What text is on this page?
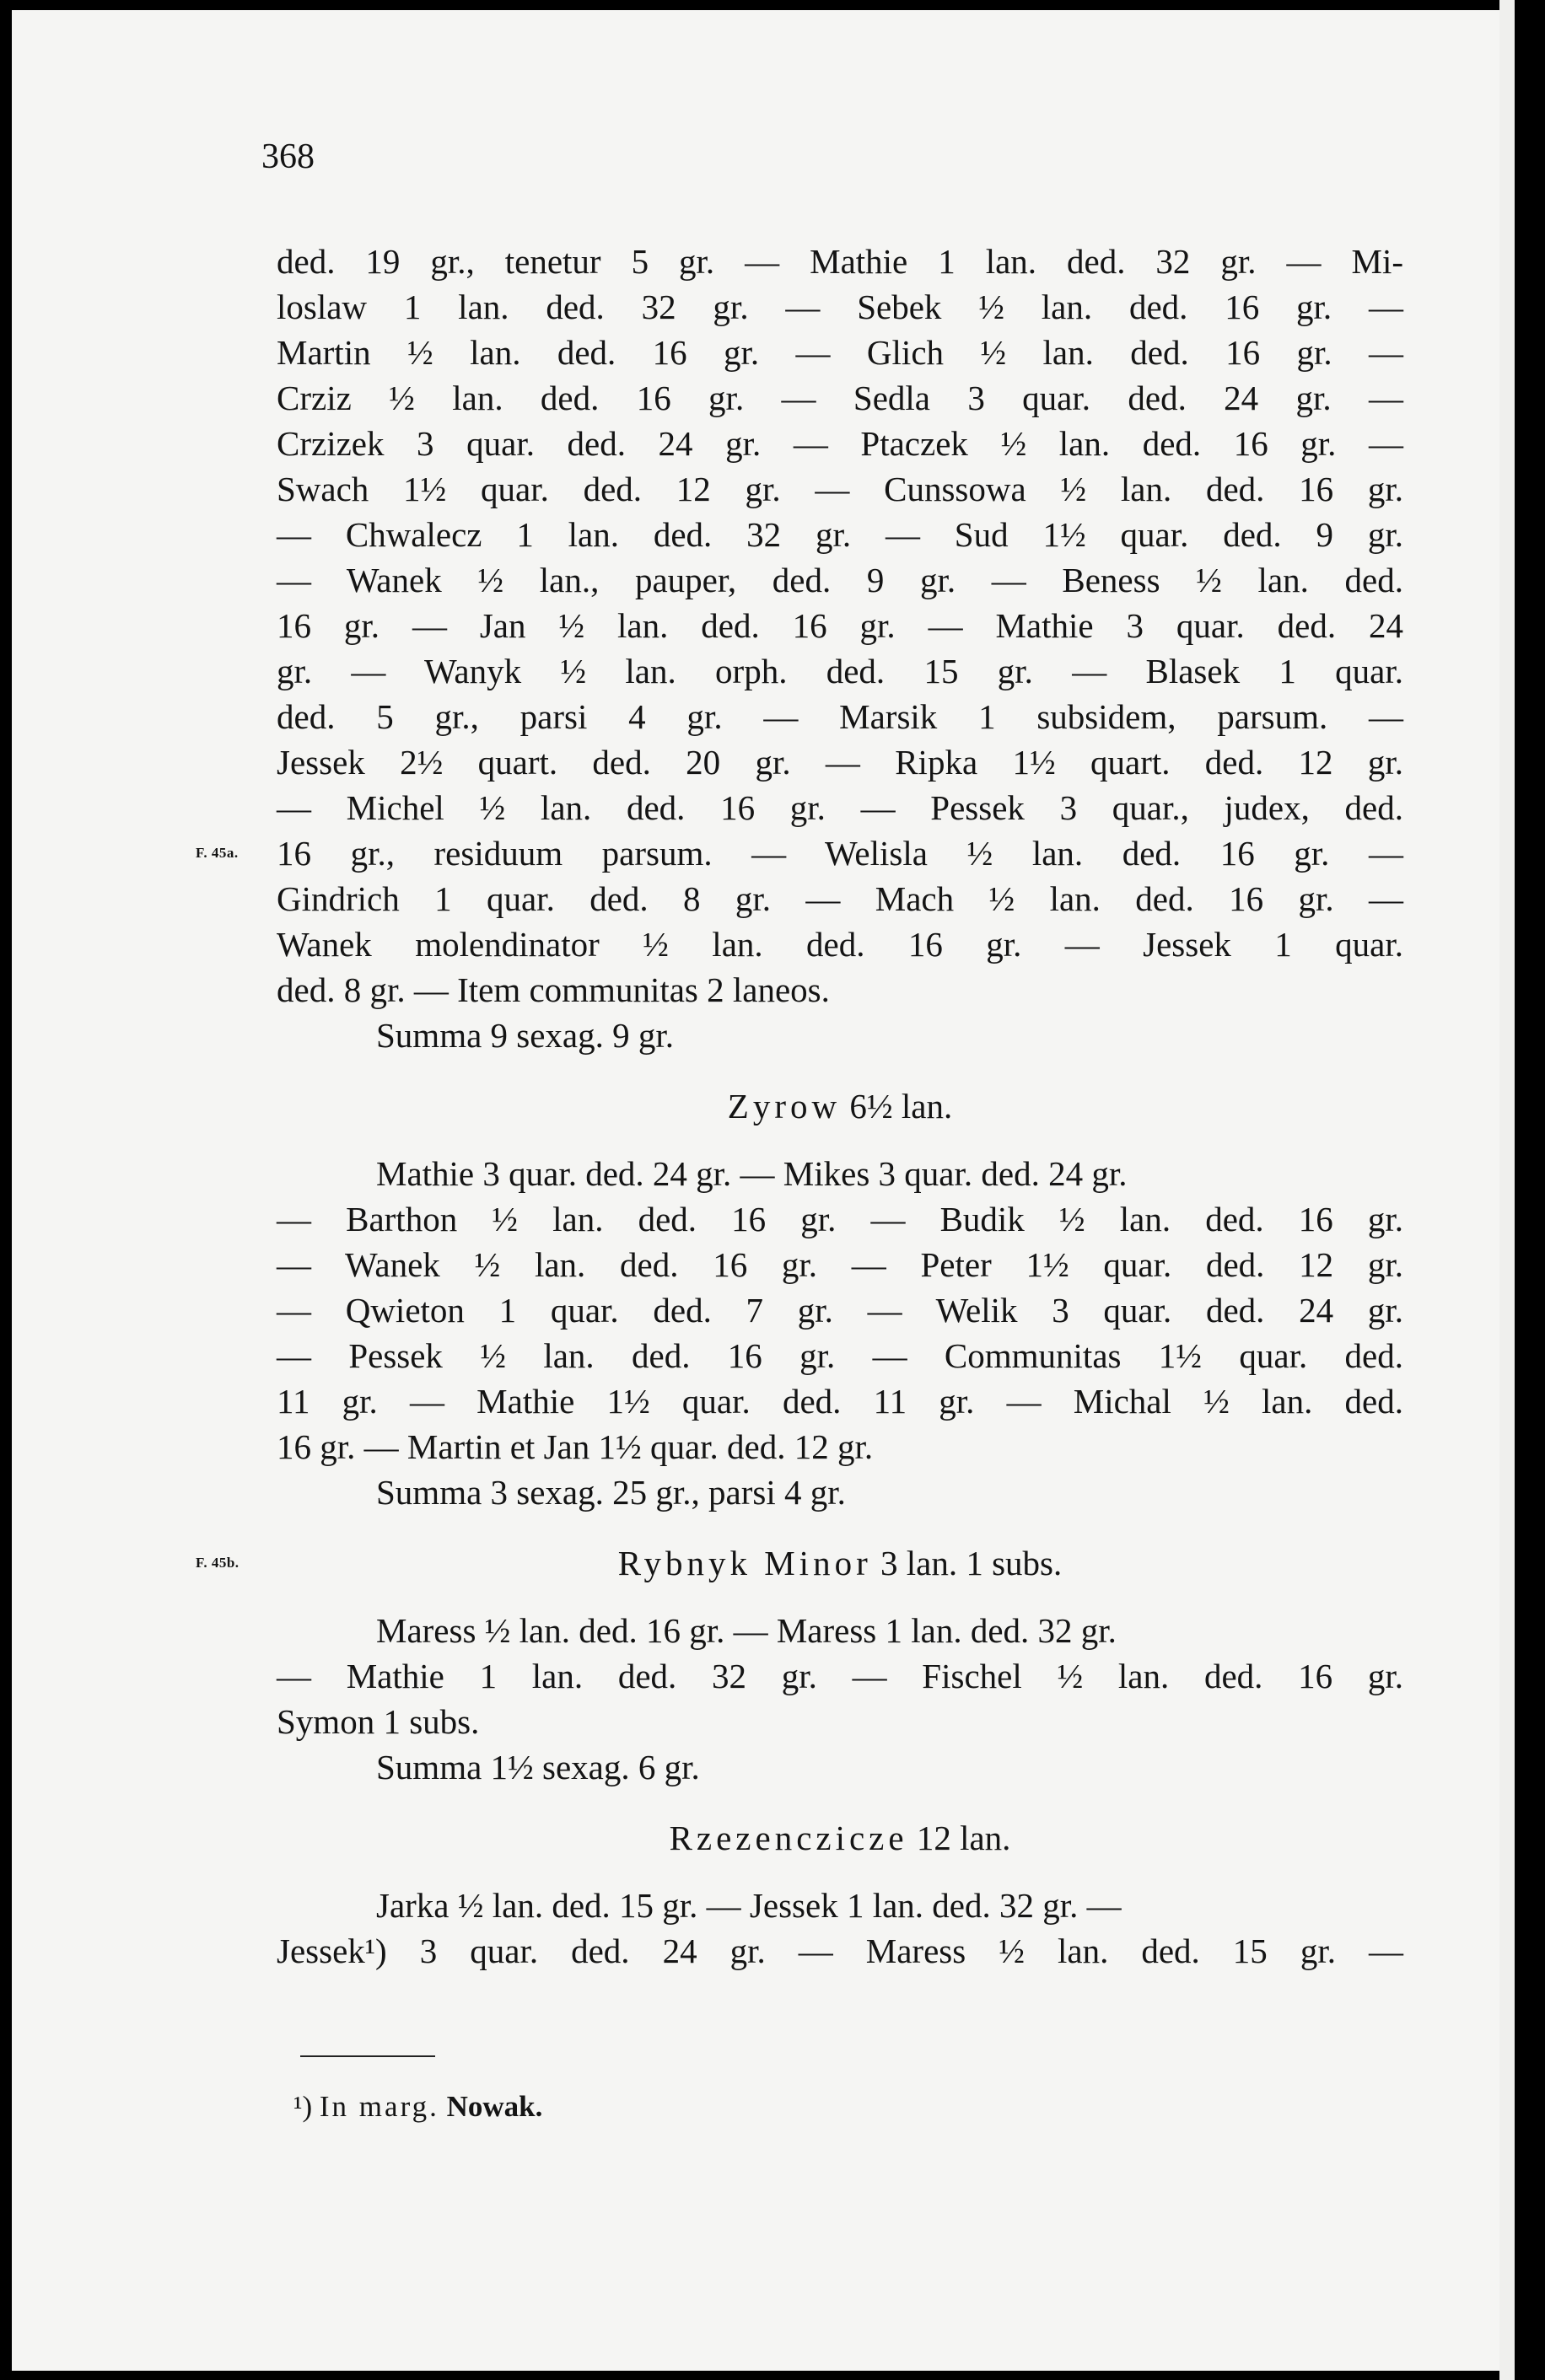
368
ded. 19 gr., tenetur 5 gr. — Mathie 1 lan. ded. 32 gr. — Mi-
loslaw 1 lan. ded. 32 gr. — Sebek ½ lan. ded. 16 gr. —
Martin ½ lan. ded. 16 gr. — Glich ½ lan. ded. 16 gr. —
Crziz ½ lan. ded. 16 gr. — Sedla 3 quar. ded. 24 gr. —
Crzizek 3 quar. ded. 24 gr. — Ptaczek ½ lan. ded. 16 gr. —
Swach 1½ quar. ded. 12 gr. — Cunssowa ½ lan. ded. 16 gr.
— Chwalecz 1 lan. ded. 32 gr. — Sud 1½ quar. ded. 9 gr.
— Wanek ½ lan., pauper, ded. 9 gr. — Beness ½ lan. ded.
16 gr. — Jan ½ lan. ded. 16 gr. — Mathie 3 quar. ded. 24
gr. — Wanyk ½ lan. orph. ded. 15 gr. — Blasek 1 quar.
ded. 5 gr., parsi 4 gr. — Marsik 1 subsidem, parsum. —
Jessek 2½ quart. ded. 20 gr. — Ripka 1½ quart. ded. 12 gr.
— Michel ½ lan. ded. 16 gr. — Pessek 3 quar., judex, ded.
F. 45a. 16 gr., residuum parsum. — Welisla ½ lan. ded. 16 gr. —
Gindrich 1 quar. ded. 8 gr. — Mach ½ lan. ded. 16 gr. —
Wanek molendinator ½ lan. ded. 16 gr. — Jessek 1 quar.
ded. 8 gr. — Item communitas 2 laneos.
Summa 9 sexag. 9 gr.
Zyrow 6½ lan.
Mathie 3 quar. ded. 24 gr. — Mikes 3 quar. ded. 24 gr.
— Barthon ½ lan. ded. 16 gr. — Budik ½ lan. ded. 16 gr.
— Wanek ½ lan. ded. 16 gr. — Peter 1½ quar. ded. 12 gr.
— Qwieton 1 quar. ded. 7 gr. — Welik 3 quar. ded. 24 gr.
— Pessek ½ lan. ded. 16 gr. — Communitas 1½ quar. ded.
11 gr. — Mathie 1½ quar. ded. 11 gr. — Michal ½ lan. ded.
16 gr. — Martin et Jan 1½ quar. ded. 12 gr.
Summa 3 sexag. 25 gr., parsi 4 gr.
F. 45b.	Rybnyk Minor 3 lan. 1 subs.
Maress ½ lan. ded. 16 gr. — Maress 1 lan. ded. 32 gr.
— Mathie 1 lan. ded. 32 gr. — Fischel ½ lan. ded. 16 gr.
Symon 1 subs.
Summa 1½ sexag. 6 gr.
Rzezenczicze 12 lan.
Jarka ½ lan. ded. 15 gr. — Jessek 1 lan. ded. 32 gr. —
Jessek¹) 3 quar. ded. 24 gr. — Maress ½ lan. ded. 15 gr. —
¹) In marg. Nowak.
